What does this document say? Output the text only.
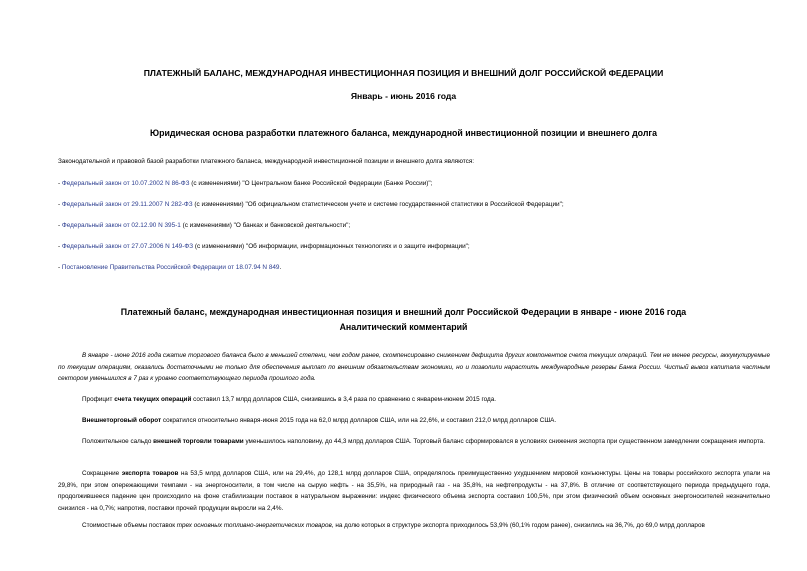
ПЛАТЕЖНЫЙ БАЛАНС, МЕЖДУНАРОДНАЯ ИНВЕСТИЦИОННАЯ ПОЗИЦИЯ И ВНЕШНИЙ ДОЛГ РОССИЙСКОЙ ФЕДЕРАЦИИ
Январь - июнь 2016 года
Юридическая основа разработки платежного баланса, международной инвестиционной позиции и внешнего долга
Законодательной и правовой базой разработки платежного баланса, международной инвестиционной позиции и внешнего долга являются:
- Федеральный закон от 10.07.2002 N 86-ФЗ (с изменениями) "О Центральном банке Российской Федерации (Банке России)";
- Федеральный закон от 29.11.2007 N 282-ФЗ (с изменениями) "Об официальном статистическом учете и системе государственной статистики в Российской Федерации";
- Федеральный закон от 02.12.90 N 395-1 (с изменениями) "О банках и банковской деятельности";
- Федеральный закон от 27.07.2006 N 149-ФЗ (с изменениями) "Об информации, информационных технологиях и о защите информации";
- Постановление Правительства Российской Федерации от 18.07.94 N 849.
Платежный баланс, международная инвестиционная позиция и внешний долг Российской Федерации в январе - июне 2016 года
Аналитический комментарий
В январе - июне 2016 года сжатие торгового баланса было в меньшей степени, чем годом ранее, скомпенсировано снижением дефицита других компонентов счета текущих операций. Тем не менее ресурсы, аккумулируемые по текущим операциям, оказались достаточными не только для обеспечения выплат по внешним обязательствам экономики, но и позволили нарастить международные резервы Банка России. Чистый вывоз капитала частным сектором уменьшился в 7 раз к уровню соответствующего периода прошлого года.
Профицит счета текущих операций составил 13,7 млрд долларов США, снизившись в 3,4 раза по сравнению с январем-июнем 2015 года.
Внешнеторговый оборот сократился относительно января-июня 2015 года на 62,0 млрд долларов США, или на 22,6%, и составил 212,0 млрд долларов США.
Положительное сальдо внешней торговли товарами уменьшилось наполовину, до 44,3 млрд долларов США. Торговый баланс сформировался в условиях снижения экспорта при существенном замедлении сокращения импорта.
Сокращение экспорта товаров на 53,5 млрд долларов США, или на 29,4%, до 128,1 млрд долларов США, определялось преимущественно ухудшением мировой конъюнктуры. Цены на товары российского экспорта упали на 29,8%, при этом опережающими темпами - на энергоносители, в том числе на сырую нефть - на 35,5%, на природный газ - на 35,8%, на нефтепродукты - на 37,8%. В отличие от соответствующего периода предыдущего года, продолжившееся падение цен происходило на фоне стабилизации поставок в натуральном выражении: индекс физического объема экспорта составил 100,5%, при этом физический объем основных энергоносителей незначительно снизился - на 0,7%; напротив, поставки прочей продукции выросли на 2,4%.
Стоимостные объемы поставок трех основных топливно-энергетических товаров, на долю которых в структуре экспорта приходилось 53,9% (60,1% годом ранее), снизились на 36,7%, до 69,0 млрд долларов
